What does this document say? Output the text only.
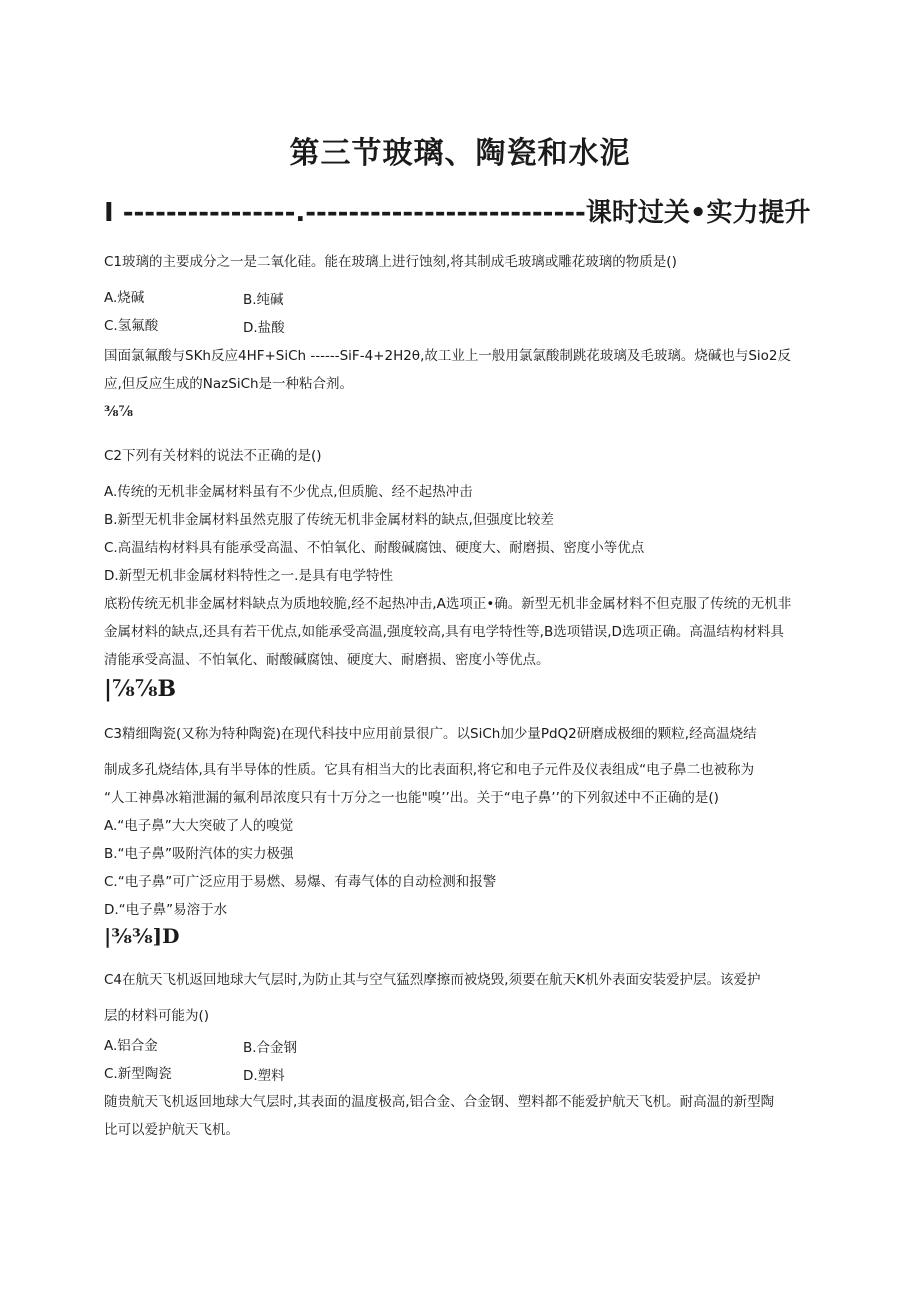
第三节玻璃、陶瓷和水泥
I ----------------.--------------------------课时过关•实力提升
C1玻璃的主要成分之一是二氧化硅。能在玻璃上进行蚀刻,将其制成毛玻璃或雕花玻璃的物质是()
A.烧碱	B.纯碱
C.氢氟酸	D.盐酸
国面氯氟酸与SKh反应4HF+SiCh ------SiF-4+2H2θ,故工业上一般用氯氯酸制跳花玻璃及毛玻璃。烧碱也与Sio2反
应,但反应生成的NazSiCh是一种粘合剂。
⅜⅞
C2下列有关材料的说法不正确的是()
A.传统的无机非金属材料虽有不少优点,但质脆、经不起热冲击
B.新型无机非金属材料虽然克服了传统无机非金属材料的缺点,但强度比较差
C.高温结构材料具有能承受高温、不怕氧化、耐酸碱腐蚀、硬度大、耐磨损、密度小等优点
D.新型无机非金属材料特性之一.是具有电学特性
底粉传统无机非金属材料缺点为质地较脆,经不起热冲击,A选项正•确。新型无机非金属材料不但克服了传统的无机非
金属材料的缺点,还具有若干优点,如能承受高温,强度较高,具有电学特性等,B选项错误,D选项正确。高温结构材料具
清能承受高温、不怕氧化、耐酸碱腐蚀、硬度大、耐磨损、密度小等优点。
|⅞⅞B
C3精细陶瓷(又称为特种陶瓷)在现代科技中应用前景很广。以SiCh加少量PdQ2研磨成极细的颗粒,经高温烧结
制成多孔烧结体,具有半导体的性质。它具有相当大的比表面积,将它和电子元件及仪表组成“电子鼻二也被称为
“人工神鼻冰箱泄漏的氟利昂浓度只有十万分之一也能"嗅’’出。关于“电子鼻’’的下列叙述中不正确的是()
A.“电子鼻”大大突破了人的嗅觉
B.“电子鼻”吸附汽体的实力极强
C.“电子鼻”可广泛应用于易燃、易爆、有毒气体的自动检测和报警
D.“电子鼻”易溶于水
|⅜⅜]D
C4在航天飞机返回地球大气层时,为防止其与空气猛烈摩擦而被烧毁,须要在航天K机外表面安装爱护层。该爱护
层的材料可能为()
A.铝合金	B.合金钢
C.新型陶瓷	D.塑料
随贵航天飞机返回地球大气层时,其表面的温度极高,铝合金、合金钢、塑料都不能爱护航天飞机。耐高温的新型陶
比可以爱护航天飞机。
